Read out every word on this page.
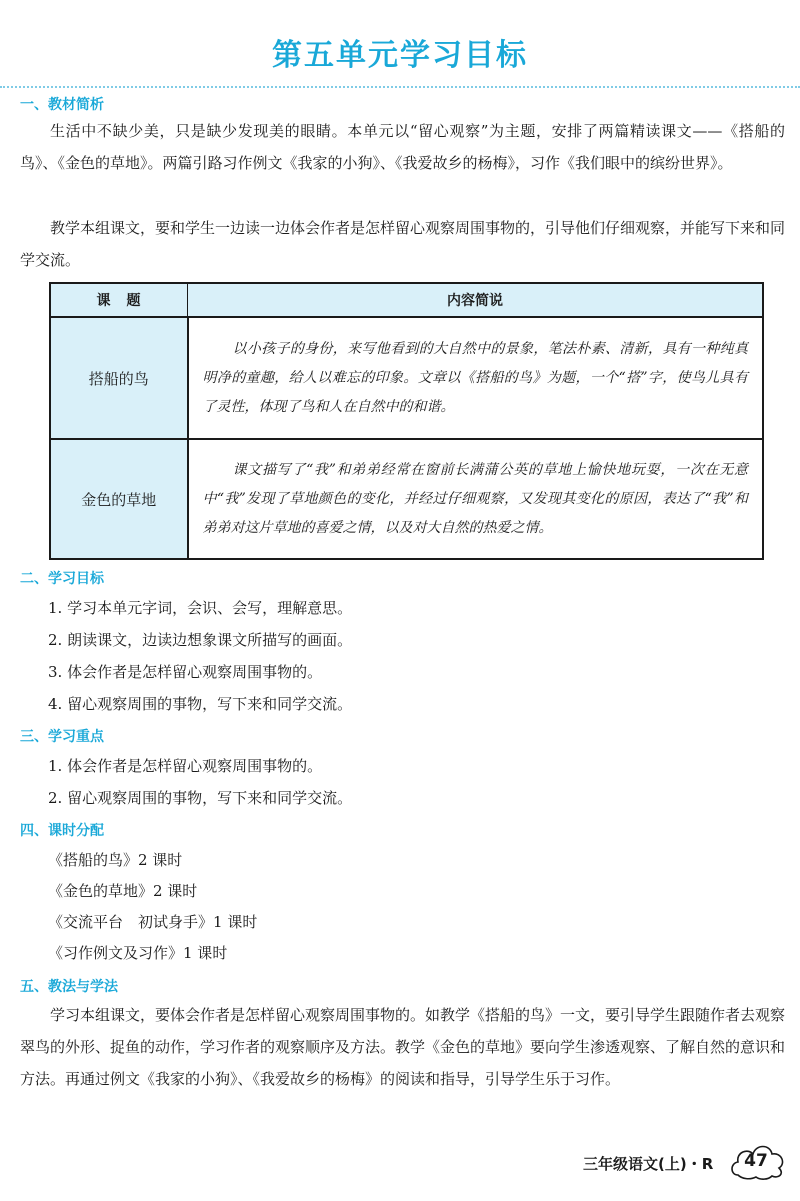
第五单元学习目标
一、教材简析

生活中不缺少美，只是缺少发现美的眼睛。本单元以“留心观察”为主题，安排了两篇精读课文——《搭船的鸟》、《金色的草地》。两篇引路习作例文《我家的小狗》、《我爱故乡的杨梅》，习作《我们眼中的缤纷世界》。

教学本组课文，要和学生一边读一边体会作者是怎样留心观察周围事物的，引导他们仔细观察，并能写下来和同学交流。

课　题	内容简说
搭船的鸟	以小孩子的身份，来写他看到的大自然中的景象，笔法朴素、清新，具有一种纯真明净的童趣，给人以难忘的印象。文章以《搭船的鸟》为题，一个“搭”字，使鸟儿具有了灵性，体现了鸟和人在自然中的和谐。

金色的草地	课文描写了“我”和弟弟经常在窗前长满蒲公英的草地上愉快地玩耍，一次在无意中“我”发现了草地颜色的变化，并经过仔细观察，又发现其变化的原因，表达了“我”和弟弟对这片草地的喜爱之情，以及对大自然的热爱之情。

二、学习目标

1. 学习本单元字词，会识、会写，理解意思。

2. 朗读课文，边读边想象课文所描写的画面。

3. 体会作者是怎样留心观察周围事物的。

4. 留心观察周围的事物，写下来和同学交流。

三、学习重点

1. 体会作者是怎样留心观察周围事物的。

2. 留心观察周围的事物，写下来和同学交流。

四、课时分配

《搭船的鸟》2 课时

《金色的草地》2 课时

《交流平台　初试身手》1 课时

《习作例文及习作》1 课时

五、教法与学法

学习本组课文，要体会作者是怎样留心观察周围事物的。如教学《搭船的鸟》一文，要引导学生跟随作者去观察翠鸟的外形、捉鱼的动作，学习作者的观察顺序及方法。教学《金色的草地》要向学生渗透观察、了解自然的意识和方法。再通过例文《我家的小狗》、《我爱故乡的杨梅》的阅读和指导，引导学生乐于习作。

三年级语文(上)・R	47
